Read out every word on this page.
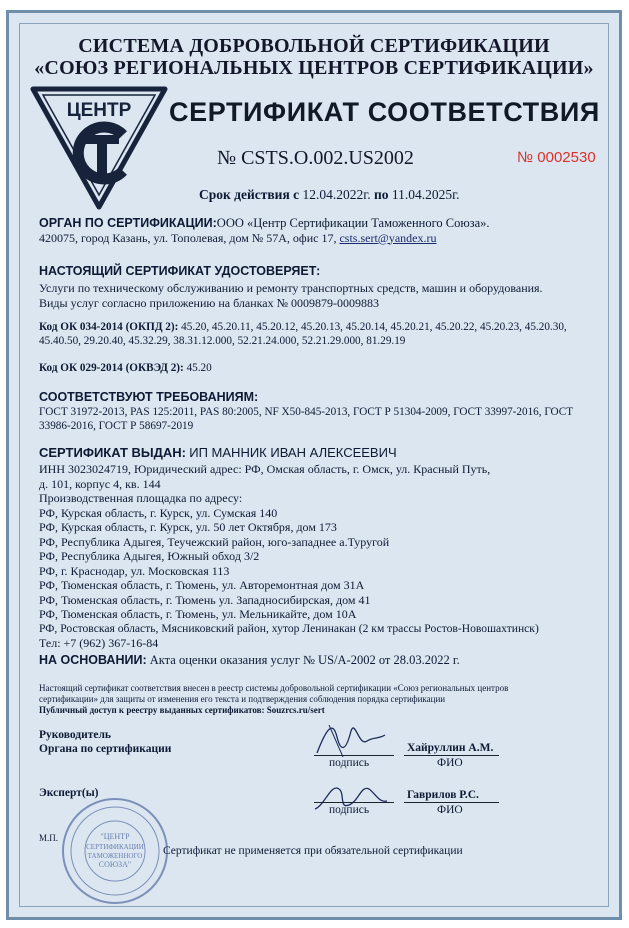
СИСТЕМА ДОБРОВОЛЬНОЙ СЕРТИФИКАЦИИ
«СОЮЗ РЕГИОНАЛЬНЫХ ЦЕНТРОВ СЕРТИФИКАЦИИ»
ЦЕНТР СЕРТИФИКАТ СООТВЕТСТВИЯ
№ CSTS.O.002.US2002	№ 0002530
Срок действия с 12.04.2022г. по 11.04.2025г.
ОРГАН ПО СЕРТИФИКАЦИИ:ООО «Центр Сертификации Таможенного Союза».
420075, город Казань, ул. Тополевая, дом № 57А, офис 17, csts.sert@yandex.ru
НАСТОЯЩИЙ СЕРТИФИКАТ УДОСТОВЕРЯЕТ:
Услуги по техническому обслуживанию и ремонту транспортных средств, машин и оборудования.
Виды услуг согласно приложению на бланках № 0009879-0009883
Код ОК 034-2014 (ОКПД 2): 45.20, 45.20.11, 45.20.12, 45.20.13, 45.20.14, 45.20.21, 45.20.22, 45.20.23, 45.20.30,
45.40.50, 29.20.40, 45.32.29, 38.31.12.000, 52.21.24.000, 52.21.29.000, 81.29.19
Код ОК 029-2014 (ОКВЭД 2): 45.20
СООТВЕТСТВУЮТ ТРЕБОВАНИЯМ:
ГОСТ 31972-2013, PAS 125:2011, PAS 80:2005, NF X50-845-2013, ГОСТ Р 51304-2009, ГОСТ 33997-2016, ГОСТ
33986-2016, ГОСТ Р 58697-2019
СЕРТИФИКАТ ВЫДАН: ИП МАННИК ИВАН АЛЕКСЕЕВИЧ
ИНН 3023024719, Юридический адрес: РФ, Омская область, г. Омск, ул. Красный Путь,
д. 101, корпус 4, кв. 144
Производственная площадка по адресу:
РФ, Курская область, г. Курск, ул. Сумская 140
РФ, Курская область, г. Курск, ул. 50 лет Октября, дом 173
РФ, Республика Адыгея, Теучежский район, юго-западнее а.Туругой
РФ, Республика Адыгея, Южный обход 3/2
РФ, г. Краснодар, ул. Московская 113
РФ, Тюменская область, г. Тюмень, ул. Авторемонтная дом 31А
РФ, Тюменская область, г. Тюмень ул. Западносибирская, дом 41
РФ, Тюменская область, г. Тюмень, ул. Мельникайте, дом 10А
РФ, Ростовская область, Мясниковский район, хутор Ленинакан (2 км трассы Ростов-Новошахтинск)
Тел: +7 (962) 367-16-84
НА ОСНОВАНИИ: Акта оценки оказания услуг № US/A-2002 от 28.03.2022 г.
Настоящий сертификат соответствия внесен в реестр системы добровольной сертификации «Союз региональных центров
сертификации» для защиты от изменения его текста и подтверждения соблюдения порядка сертификации
Публичный доступ к реестру выданных сертификатов: Souzrcs.ru/sert
Руководитель
Органа по сертификации
подпись
Хайруллин А.М.
ФИО
Эксперт(ы)
подпись
Гаврилов Р.С.
ФИО
М.П.	"ЦЕНТР
СЕРТИФИКАЦИИ
ТАМОЖЕННОГО
СОЮЗА"
Сертификат не применяется при обязательной сертификации
